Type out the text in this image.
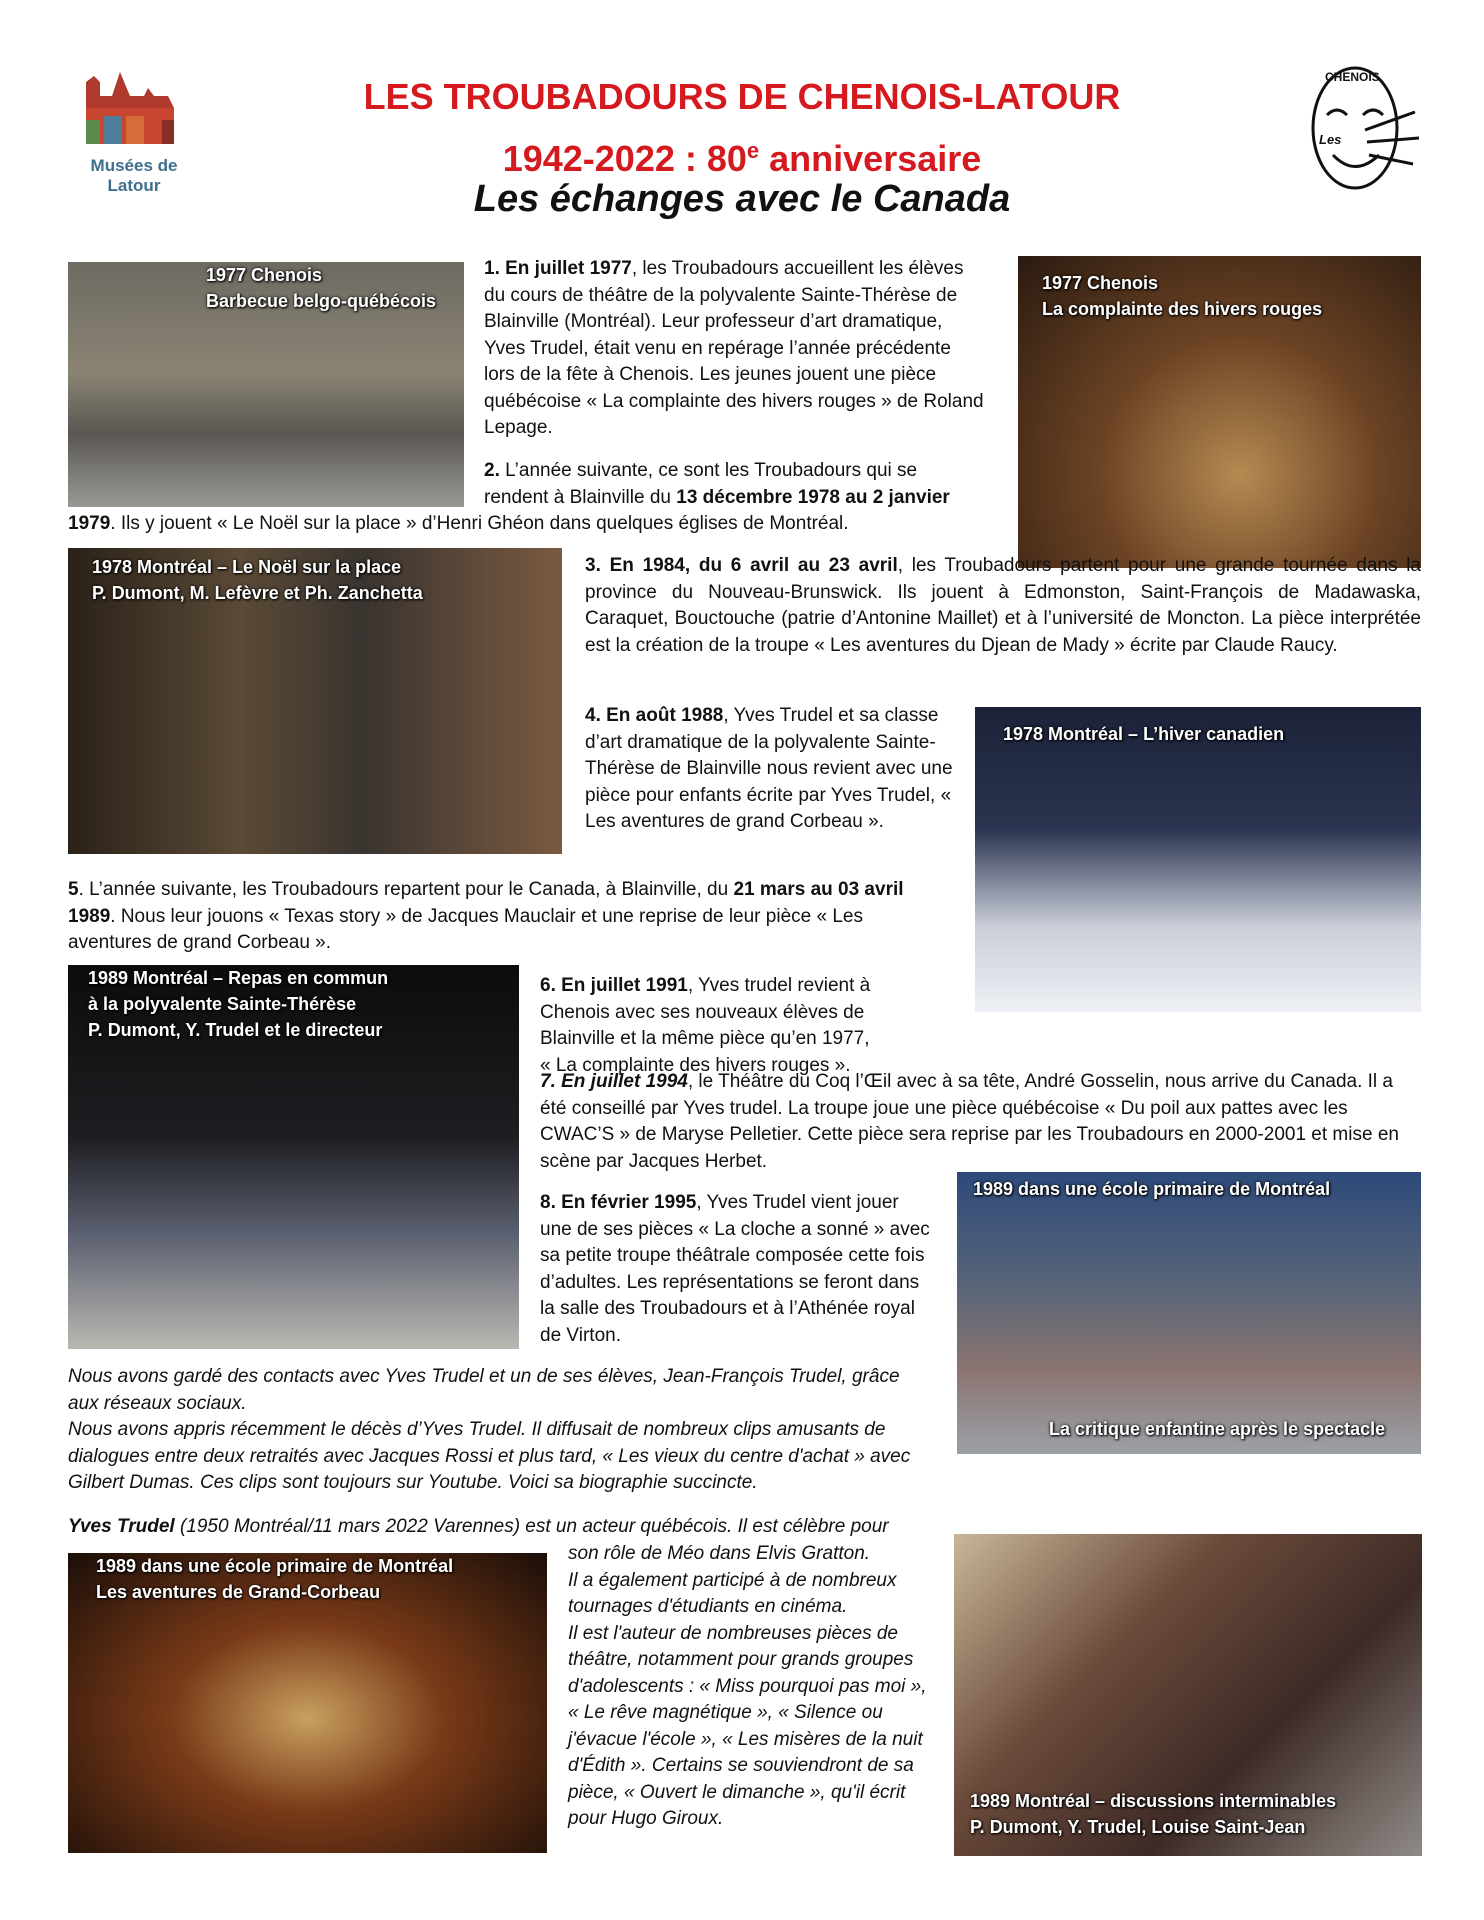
Musées de Latour
CHENOIS
Les
LES TROUBADOURS DE CHENOIS-LATOUR
1942-2022 : 80e anniversaire
Les échanges avec le Canada
1977 Chenois
Barbecue belgo-québécois
1. En juillet 1977, les Troubadours accueillent les élèves du cours de théâtre de la polyvalente Sainte-Thérèse de Blainville (Montréal). Leur professeur d’art dramatique, Yves Trudel, était venu en repérage l’année précédente lors de la fête à Chenois. Les jeunes jouent une pièce québécoise « La complainte des hivers rouges » de Roland Lepage.
1977 Chenois
La complainte des hivers rouges
2. L’année suivante, ce sont les Troubadours qui se rendent à Blainville du 13 décembre 1978 au 2 janvier
1979. Ils y jouent « Le Noël sur la place » d’Henri Ghéon dans quelques églises de Montréal.
1978 Montréal – Le Noël sur la place
P. Dumont, M. Lefèvre et Ph. Zanchetta
3. En 1984, du 6 avril au 23 avril, les Troubadours partent pour une grande tournée dans la province du Nouveau-Brunswick. Ils jouent à Edmonston, Saint-François de Madawaska, Caraquet, Bouctouche (patrie d’Antonine Maillet) et à l’université de Moncton. La pièce interprétée est la création de la troupe « Les aventures du Djean de Mady » écrite par Claude Raucy.
4. En août 1988, Yves Trudel et sa classe d’art dramatique de la polyvalente Sainte-Thérèse de Blainville nous revient avec une pièce pour enfants écrite par Yves Trudel, « Les aventures de grand Corbeau ».
1978 Montréal – L’hiver canadien
5. L’année suivante, les Troubadours repartent pour le Canada, à Blainville, du 21 mars au 03 avril 1989. Nous leur jouons « Texas story » de Jacques Mauclair et une reprise de leur pièce « Les aventures de grand Corbeau ».
1989 Montréal – Repas en commun
à la polyvalente Sainte-Thérèse
P. Dumont, Y. Trudel et le directeur
6. En juillet 1991, Yves trudel revient à Chenois avec ses nouveaux élèves de Blainville et la même pièce qu’en 1977, « La complainte des hivers rouges ».
7. En juillet 1994, le Théâtre du Coq l’Œil avec à sa tête, André Gosselin, nous arrive du Canada. Il a été conseillé par Yves trudel. La troupe joue une pièce québécoise « Du poil aux pattes avec les CWAC’S » de Maryse Pelletier. Cette pièce sera reprise par les Troubadours en 2000-2001 et mise en scène par Jacques Herbet.
1989 dans une école primaire de Montréal
La critique enfantine après le spectacle
8. En février 1995, Yves Trudel vient jouer une de ses pièces « La cloche a sonné » avec sa petite troupe théâtrale composée cette fois d’adultes. Les représentations se feront dans la salle des Troubadours et à l’Athénée royal de Virton.

Nous avons gardé des contacts avec Yves Trudel et un de ses élèves, Jean-François Trudel, grâce aux réseaux sociaux.

Nous avons appris récemment le décès d’Yves Trudel. Il diffusait de nombreux clips amusants de dialogues entre deux retraités avec Jacques Rossi et plus tard, « Les vieux du centre d'achat » avec Gilbert Dumas. Ces clips sont toujours sur Youtube. Voici sa biographie succincte.

Yves Trudel (1950 Montréal/11 mars 2022 Varennes) est un acteur québécois. Il est célèbre pour

son rôle de Méo dans Elvis Gratton.

Il a également participé à de nombreux tournages d'étudiants en cinéma.

Il est l'auteur de nombreuses pièces de théâtre, notamment pour grands groupes d'adolescents : « Miss pourquoi pas moi », « Le rêve magnétique », « Silence ou j'évacue l'école », « Les misères de la nuit d'Édith ». Certains se souviendront de sa pièce, « Ouvert le dimanche », qu'il écrit pour Hugo Giroux.

1989 dans une école primaire de Montréal
Les aventures de Grand-Corbeau
1989 Montréal – discussions interminables
P. Dumont, Y. Trudel, Louise Saint-Jean
